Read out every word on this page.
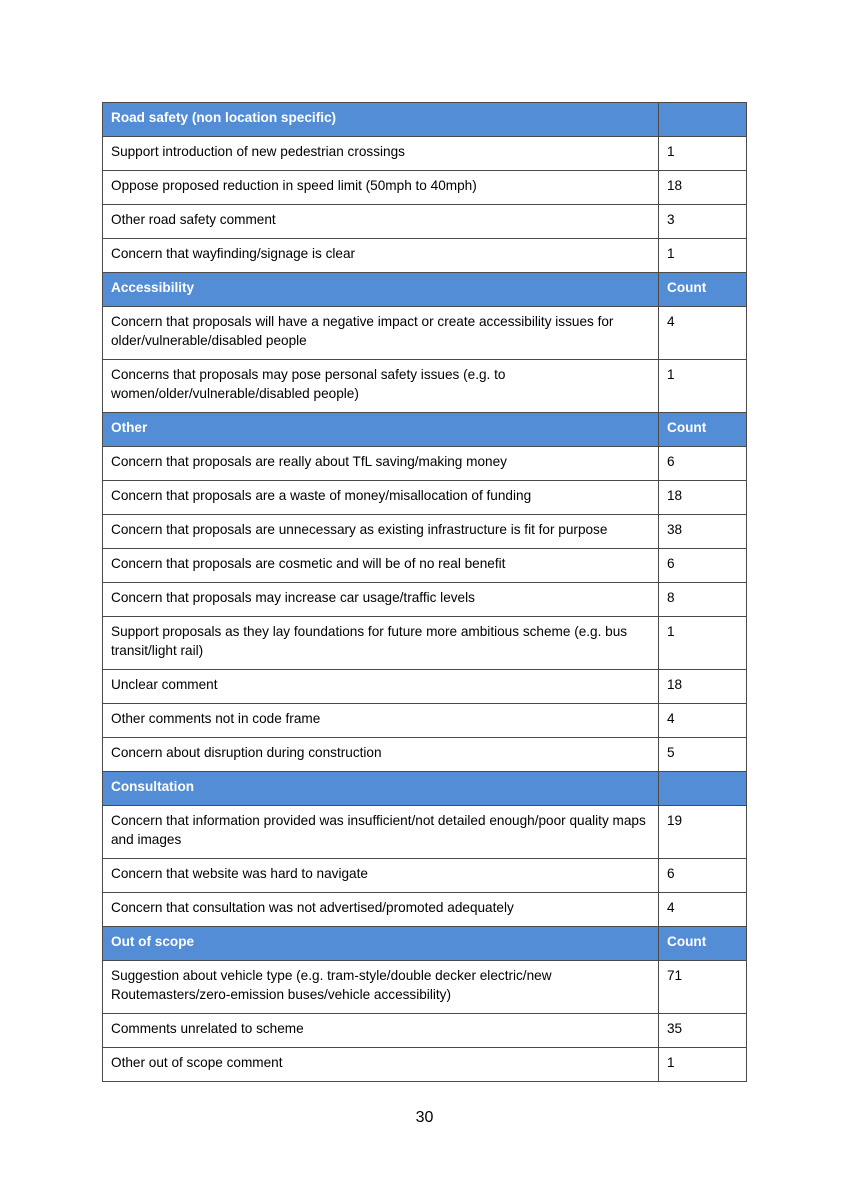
Road safety (non location specific)	
Support introduction of new pedestrian crossings	1
Oppose proposed reduction in speed limit (50mph to 40mph)	18
Other road safety comment	3
Concern that wayfinding/signage is clear	1
Accessibility	Count
Concern that proposals will have a negative impact or create accessibility issues for older/vulnerable/disabled people	4
Concerns that proposals may pose personal safety issues (e.g. to women/older/vulnerable/disabled people)	1
Other	Count
Concern that proposals are really about TfL saving/making money	6
Concern that proposals are a waste of money/misallocation of funding	18
Concern that proposals are unnecessary as existing infrastructure is fit for purpose	38
Concern that proposals are cosmetic and will be of no real benefit	6
Concern that proposals may increase car usage/traffic levels	8
Support proposals as they lay foundations for future more ambitious scheme (e.g. bus transit/light rail)	1
Unclear comment	18
Other comments not in code frame	4
Concern about disruption during construction	5
Consultation	
Concern that information provided was insufficient/not detailed enough/poor quality maps and images	19
Concern that website was hard to navigate	6
Concern that consultation was not advertised/promoted adequately	4
Out of scope	Count
Suggestion about vehicle type (e.g. tram-style/double decker electric/new Routemasters/zero-emission buses/vehicle accessibility)	71
Comments unrelated to scheme	35
Other out of scope comment	1
30
